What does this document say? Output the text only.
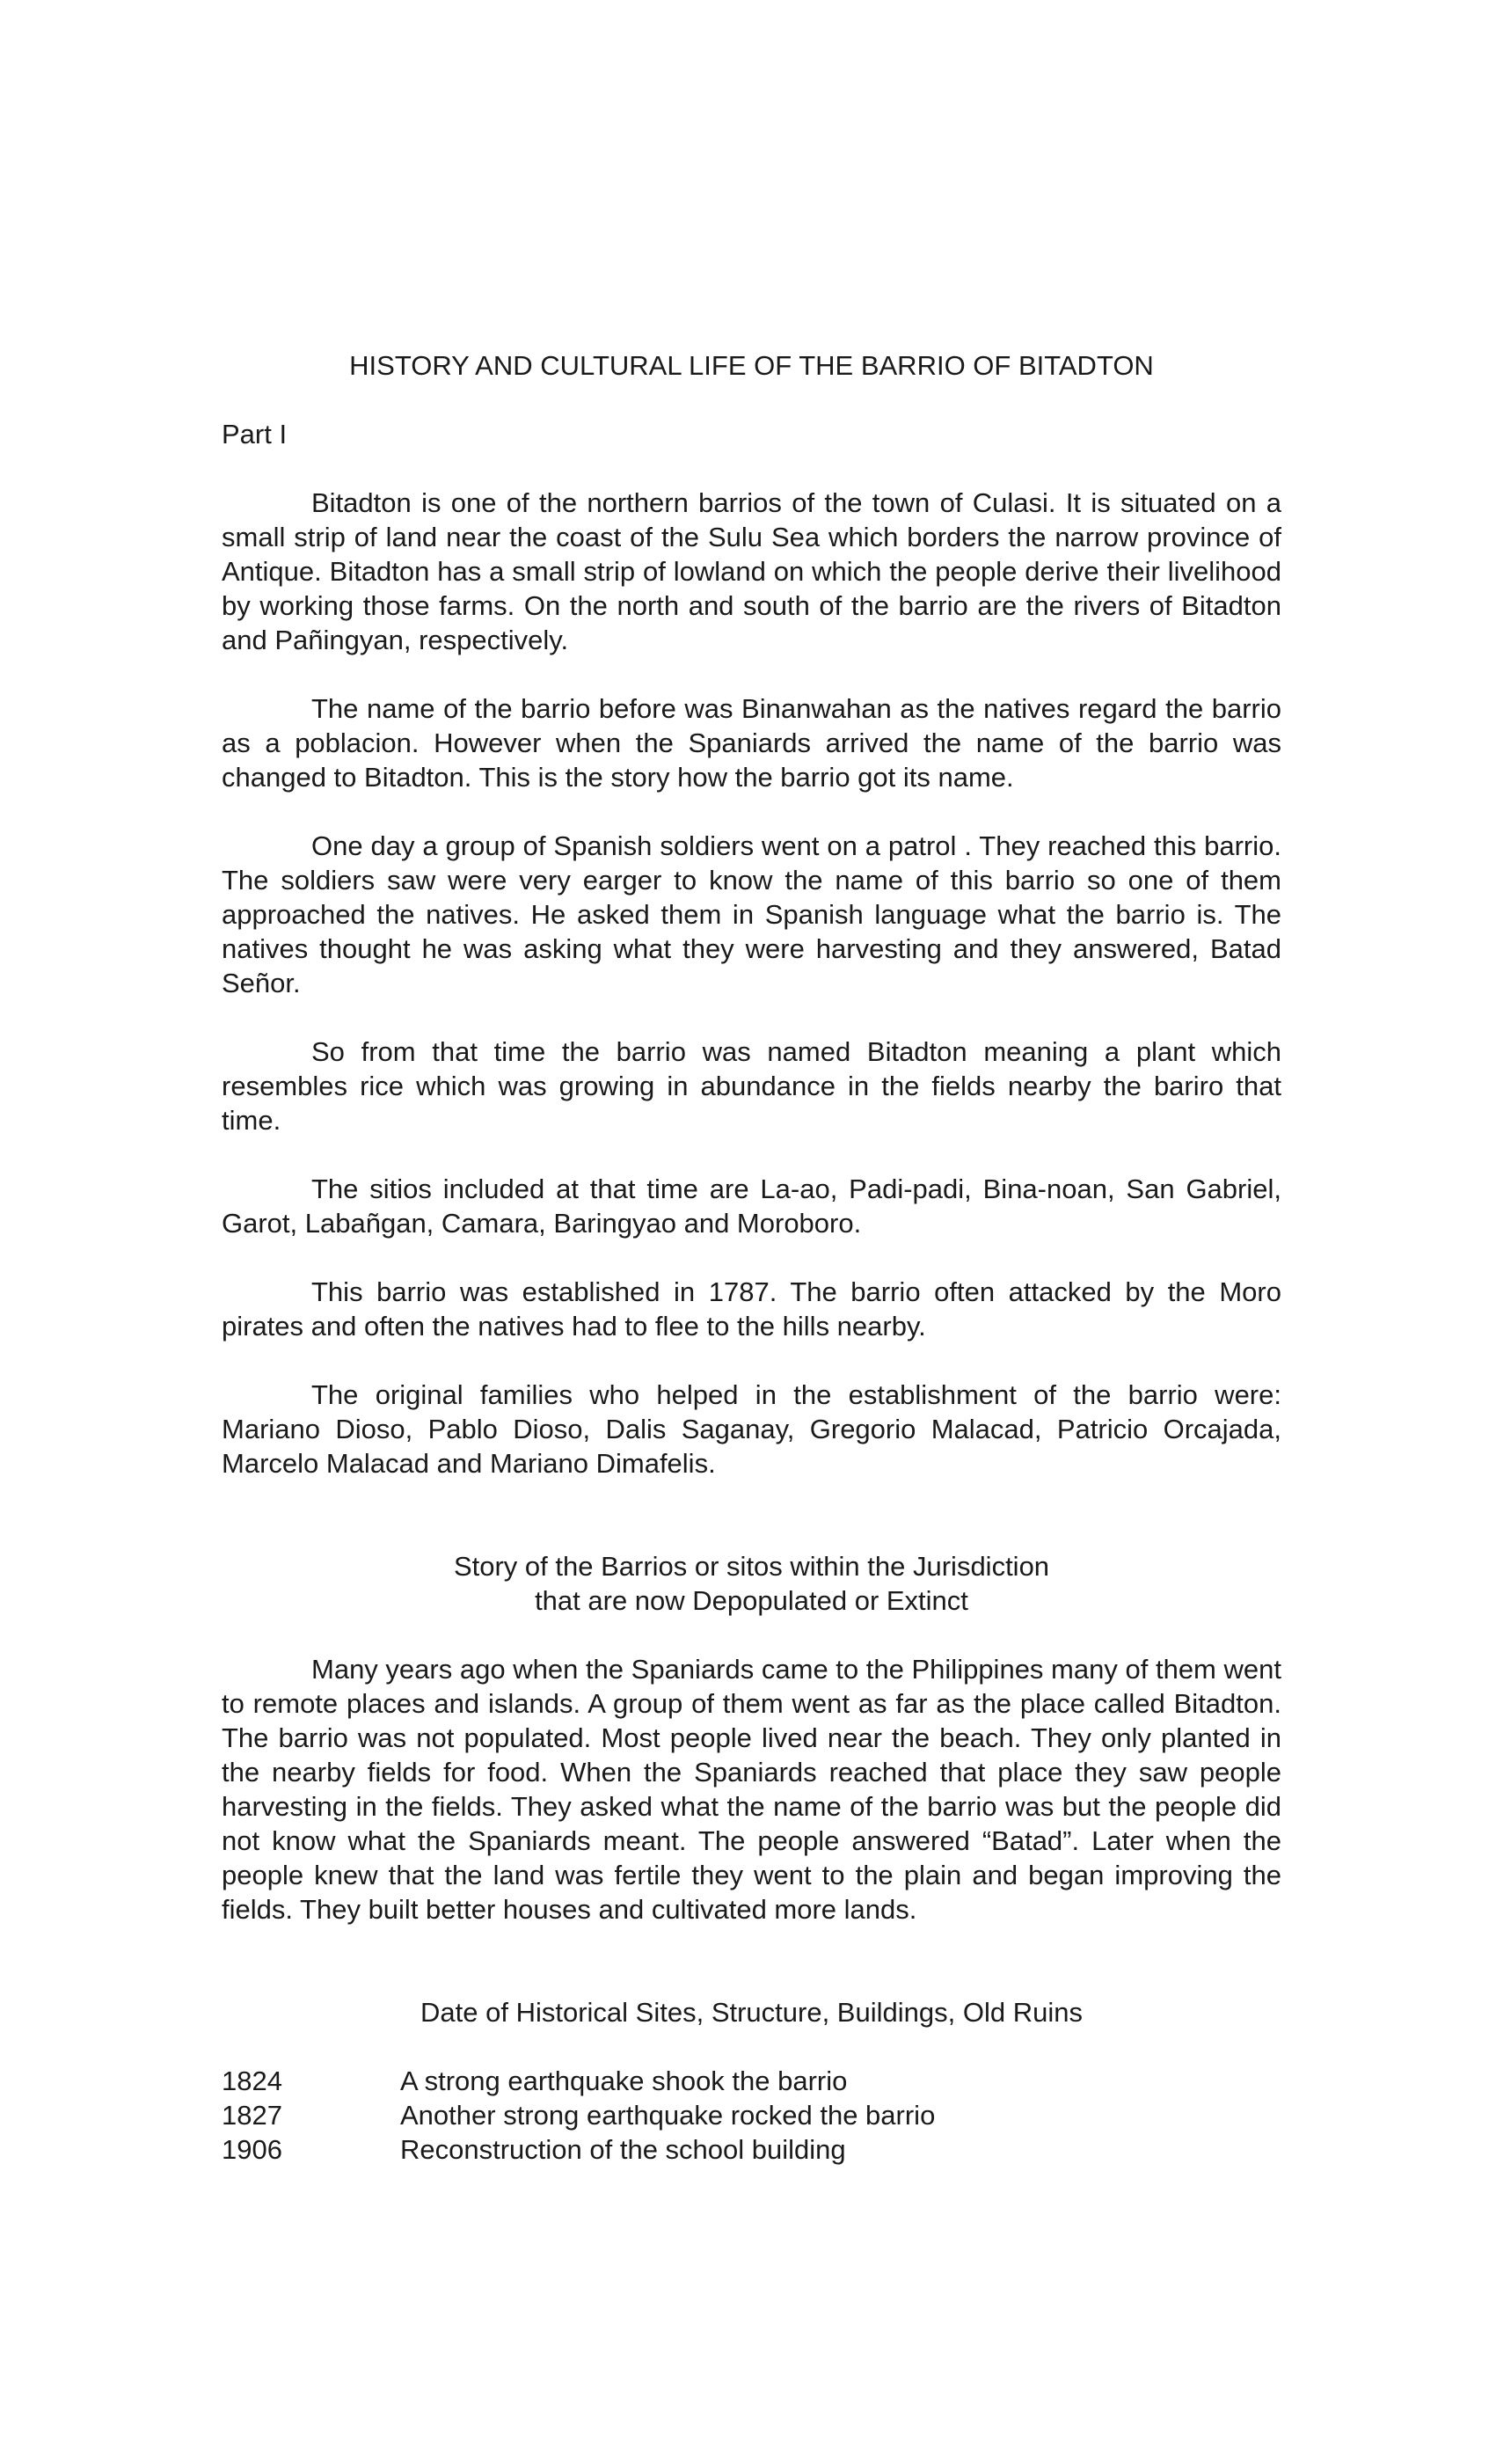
HISTORY AND CULTURAL LIFE OF THE BARRIO OF BITADTON
Part I

Bitadton is one of the northern barrios of the town of Culasi. It is situated on a small strip of land near the coast of the Sulu Sea which borders the narrow province of Antique. Bitadton has a small strip of lowland on which the people derive their livelihood by working those farms. On the north and south of the barrio are the rivers of Bitadton and Pañingyan, respectively.

The name of the barrio before was Binanwahan as the natives regard the barrio as a poblacion. However when the Spaniards arrived the name of the barrio was changed to Bitadton. This is the story how the barrio got its name.

One day a group of Spanish soldiers went on a patrol . They reached this barrio. The soldiers saw were very earger to know the name of this barrio so one of them approached the natives. He asked them in Spanish language what the barrio is. The natives thought he was asking what they were harvesting and they answered, Batad Señor.

So from that time the barrio was named Bitadton meaning a plant which resembles rice which was growing in abundance in the fields nearby the bariro that time.

The sitios included at that time are La-ao, Padi-padi, Bina-noan, San Gabriel, Garot, Labañgan, Camara, Baringyao and Moroboro.

This barrio was established in 1787. The barrio often attacked by the Moro pirates and often the natives had to flee to the hills nearby.

The original families who helped in the establishment of the barrio were: Mariano Dioso, Pablo Dioso, Dalis Saganay, Gregorio Malacad, Patricio Orcajada, Marcelo Malacad and Mariano Dimafelis.

Story of the Barrios or sitos within the Jurisdiction
that are now Depopulated or Extinct

Many years ago when the Spaniards came to the Philippines many of them went to remote places and islands. A group of them went as far as the place called Bitadton. The barrio was not populated. Most people lived near the beach. They only planted in the nearby fields for food. When the Spaniards reached that place they saw people harvesting in the fields. They asked what the name of the barrio was but the people did not know what the Spaniards meant. The people answered “Batad”. Later when the people knew that the land was fertile they went to the plain and began improving the fields. They built better houses and cultivated more lands.

Date of Historical Sites, Structure, Buildings, Old Ruins
1824	A strong earthquake shook the barrio
1827	Another strong earthquake rocked the barrio
1906	Reconstruction of the school building
